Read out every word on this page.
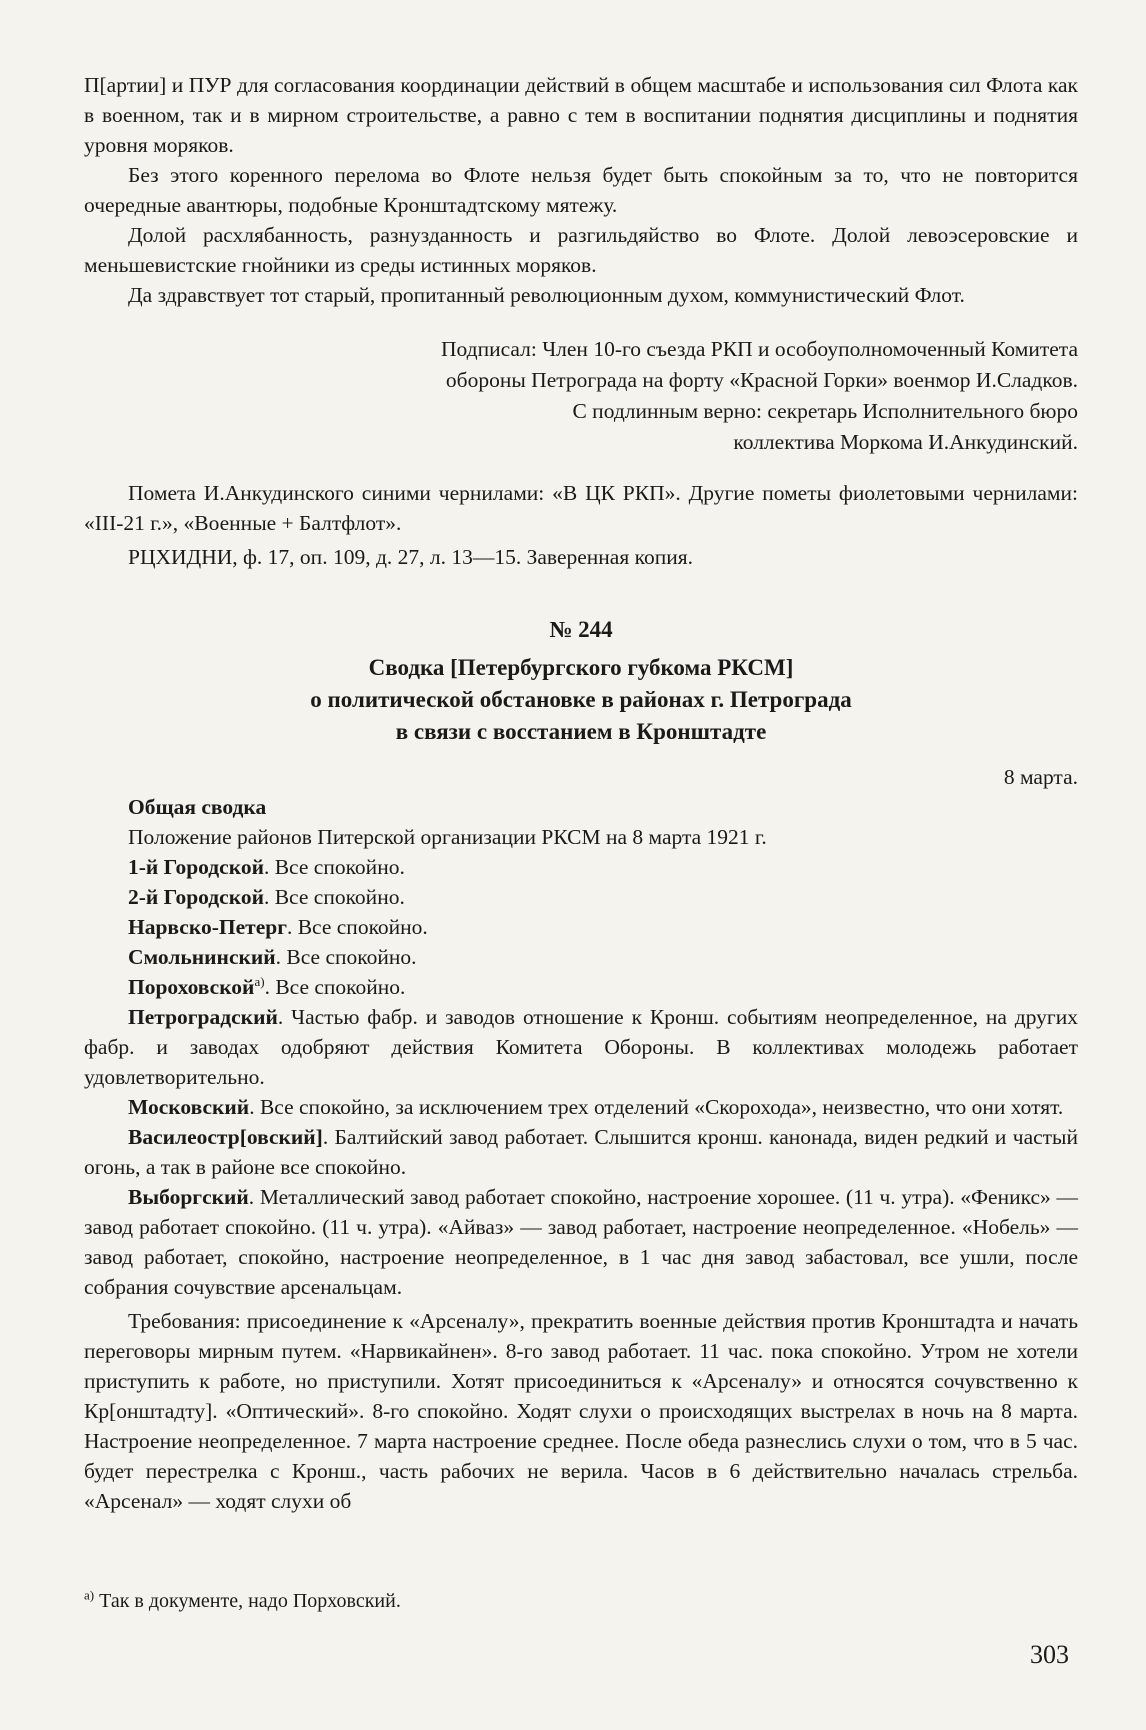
П[артии] и ПУР для согласования координации действий в общем масштабе и использования сил Флота как в военном, так и в мирном строительстве, а равно с тем в воспитании поднятия дисциплины и поднятия уровня моряков.

Без этого коренного перелома во Флоте нельзя будет быть спокойным за то, что не повторится очередные авантюры, подобные Кронштадтскому мятежу.

Долой расхлябанность, разнузданность и разгильдяйство во Флоте. Долой левоэсеровские и меньшевистские гнойники из среды истинных моряков.

Да здравствует тот старый, пропитанный революционным духом, коммунистический Флот.

Подписал: Член 10-го съезда РКП и особоуполномоченный Комитета
обороны Петрограда на форту «Красной Горки» военмор И.Сладков.
С подлинным верно: секретарь Исполнительного бюро
коллектива Моркома И.Анкудинский.

Пометa И.Анкудинского синими чернилами: «В ЦК РКП». Другие пометы фиолетовыми чернилами: «III-21 г.», «Военные + Балтфлот».

РЦХИДНИ, ф. 17, оп. 109, д. 27, л. 13—15. Заверенная копия.

№ 244
Сводка [Петербургского губкома РКСМ]
о политической обстановке в районах г. Петрограда
в связи с восстанием в Кронштадте
8 марта.
Общая сводка
Положение районов Питерской организации РКСМ на 8 марта 1921 г.
1-й Городской. Все спокойно.
2-й Городской. Все спокойно.
Нарвско-Петерг. Все спокойно.
Смольнинский. Все спокойно.
Пороховской$^{а)}$. Все спокойно.

Петроградский. Частью фабр. и заводов отношение к Кронш. событиям неопределенное, на других фабр. и заводах одобряют действия Комитета Обороны. В коллективах молодежь работает удовлетворительно.

Московский. Все спокойно, за исключением трех отделений «Скорохода», неизвестно, что они хотят.

Василеостр[овский]. Балтийский завод работает. Слышится кронш. канонада, виден редкий и частый огонь, а так в районе все спокойно.

Выборгский. Металлический завод работает спокойно, настроение хорошее. (11 ч. утра). «Феникс» — завод работает спокойно. (11 ч. утра). «Айваз» — завод работает, настроение неопределенное. «Нобель» — завод работает, спокойно, настроение неопределенное, в 1 час дня завод забастовал, все ушли, после собрания сочувствие арсенальцам.

Требования: присоединение к «Арсеналу», прекратить военные действия против Кронштадта и начать переговоры мирным путем. «Нарвикайнен». 8-го завод работает. 11 час. пока спокойно. Утром не хотели приступить к работе, но приступили. Хотят присоединиться к «Арсеналу» и относятся сочувственно к Кр[онштадту]. «Оптический». 8-го спокойно. Ходят слухи о происходящих выстрелах в ночь на 8 марта. Настроение неопределенное. 7 марта настроение среднее. После обеда разнеслись слухи о том, что в 5 час. будет перестрелка с Кронш., часть рабочих не верила. Часов в 6 действительно началась стрельба. «Арсенал» — ходят слухи об

$^{а)}$ Так в документе, надо Порховский.
303
